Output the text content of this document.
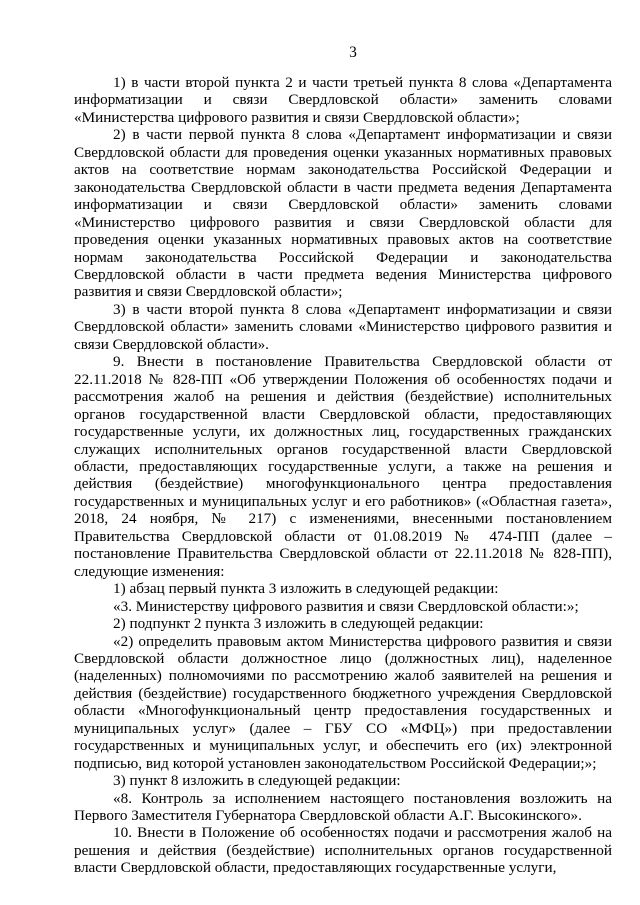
3

1) в части второй пункта 2 и части третьей пункта 8 слова «Департамента информатизации и связи Свердловской области» заменить словами «Министерства цифрового развития и связи Свердловской области»;

2) в части первой пункта 8 слова «Департамент информатизации и связи Свердловской области для проведения оценки указанных нормативных правовых актов на соответствие нормам законодательства Российской Федерации и законодательства Свердловской области в части предмета ведения Департамента информатизации и связи Свердловской области» заменить словами «Министерство цифрового развития и связи Свердловской области для проведения оценки указанных нормативных правовых актов на соответствие нормам законодательства Российской Федерации и законодательства Свердловской области в части предмета ведения Министерства цифрового развития и связи Свердловской области»;

3) в части второй пункта 8 слова «Департамент информатизации и связи Свердловской области» заменить словами «Министерство цифрового развития и связи Свердловской области».

9. Внести в постановление Правительства Свердловской области от 22.11.2018 № 828-ПП «Об утверждении Положения об особенностях подачи и рассмотрения жалоб на решения и действия (бездействие) исполнительных органов государственной власти Свердловской области, предоставляющих государственные услуги, их должностных лиц, государственных гражданских служащих исполнительных органов государственной власти Свердловской области, предоставляющих государственные услуги, а также на решения и действия (бездействие) многофункционального центра предоставления государственных и муниципальных услуг и его работников» («Областная газета», 2018, 24 ноября, № 217) с изменениями, внесенными постановлением Правительства Свердловской области от 01.08.2019 № 474-ПП (далее – постановление Правительства Свердловской области от 22.11.2018 № 828-ПП), следующие изменения:

1) абзац первый пункта 3 изложить в следующей редакции:

«3. Министерству цифрового развития и связи Свердловской области:»;

2) подпункт 2 пункта 3 изложить в следующей редакции:

«2) определить правовым актом Министерства цифрового развития и связи Свердловской области должностное лицо (должностных лиц), наделенное (наделенных) полномочиями по рассмотрению жалоб заявителей на решения и действия (бездействие) государственного бюджетного учреждения Свердловской области «Многофункциональный центр предоставления государственных и муниципальных услуг» (далее – ГБУ СО «МФЦ») при предоставлении государственных и муниципальных услуг, и обеспечить его (их) электронной подписью, вид которой установлен законодательством Российской Федерации;»;

3) пункт 8 изложить в следующей редакции:

«8. Контроль за исполнением настоящего постановления возложить на Первого Заместителя Губернатора Свердловской области А.Г. Высокинского».

10. Внести в Положение об особенностях подачи и рассмотрения жалоб на решения и действия (бездействие) исполнительных органов государственной власти Свердловской области, предоставляющих государственные услуги,
